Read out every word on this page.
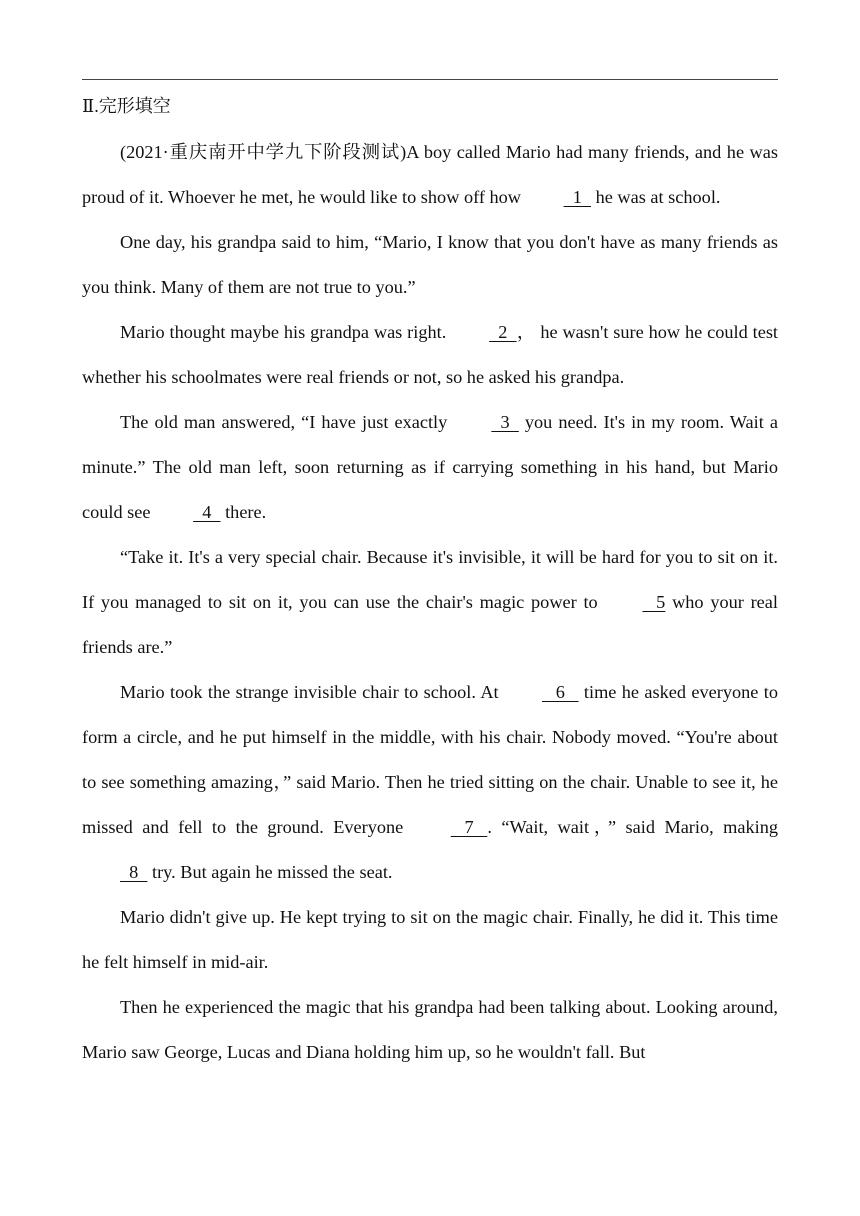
Ⅱ.完形填空

(2021·重庆南开中学九下阶段测试)A boy called Mario had many friends, and he was proud of it. Whoever he met, he would like to show off how   1   he was at school.

One day, his grandpa said to him, “Mario, I know that you don't have as many friends as you think. Many of them are not true to you.”

Mario thought maybe his grandpa was right.   2  ， he wasn't sure how he could test whether his schoolmates were real friends or not, so he asked his grandpa.

The old man answered, “I have just exactly   3   you need. It's in my room. Wait a minute.” The old man left, soon returning as if carrying something in his hand, but Mario could see   4   there.

“Take it. It's a very special chair. Because it's invisible, it will be hard for you to sit on it. If you managed to sit on it, you can use the chair's magic power to    5 who your real friends are.”

Mario took the strange invisible chair to school. At    6    time he asked everyone to form a circle, and he put himself in the middle, with his chair. Nobody moved. “You're about to see something amazing，” said Mario. Then he tried sitting on the chair. Unable to see it, he missed and fell to the ground. Everyone    7   . “Wait, wait，” said Mario, making   8   try. But again he missed the seat.

Mario didn't give up. He kept trying to sit on the magic chair. Finally, he did it. This time he felt himself in mid-air.

Then he experienced the magic that his grandpa had been talking about. Looking around, Mario saw George, Lucas and Diana holding him up, so he wouldn't fall. But
